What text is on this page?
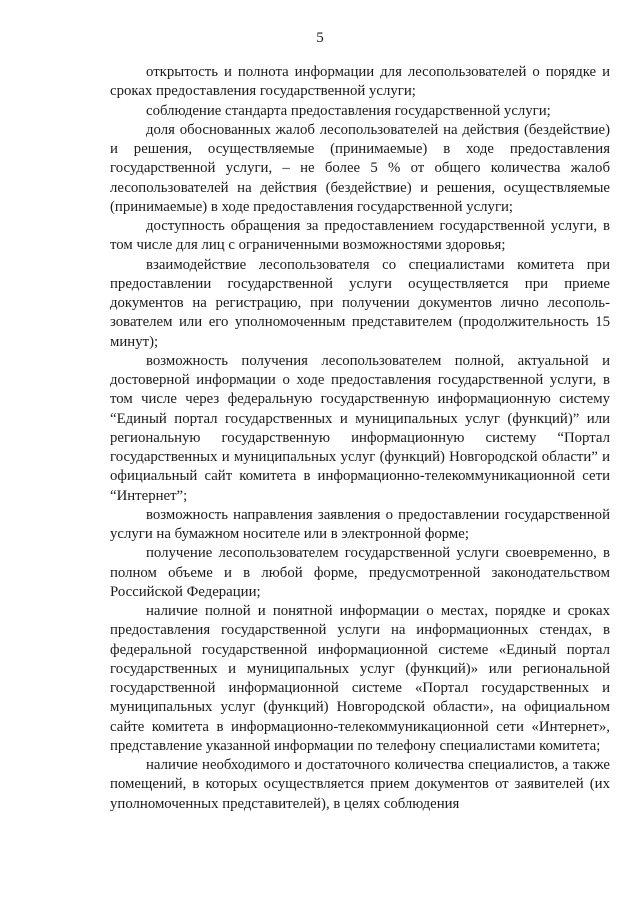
5

открытость и полнота информации для лесопользователей о порядке и сроках предоставления государственной услуги;

соблюдение стандарта предоставления государственной услуги;

доля обоснованных жалоб лесопользователей на действия (бездействие) и решения, осуществляемые (принимаемые) в ходе предоставления государственной услуги, – не более 5 % от общего количества жалоб лесопользователей на действия (бездействие) и решения, осуществляемые (принимаемые) в ходе предоставления государственной услуги;

доступность обращения за предоставлением государственной услуги, в том числе для лиц с ограниченными возможностями здоровья;

взаимодействие лесопользователя со специалистами комитета при предоставлении государственной услуги осуществляется при приеме документов на регистрацию, при получении документов лично лесопользователем или его уполномоченным представителем (продолжительность 15 минут);

возможность получения лесопользователем полной, актуальной и достоверной информации о ходе предоставления государственной услуги, в том числе через федеральную государственную информационную систему “Единый портал государственных и муниципальных услуг (функций)” или региональную государственную информационную систему “Портал государственных и муниципальных услуг (функций) Новгородской области” и официальный сайт комитета в информационно-телекоммуникационной сети “Интернет”;

возможность направления заявления о предоставлении государственной услуги на бумажном носителе или в электронной форме;

получение лесопользователем государственной услуги своевременно, в полном объеме и в любой форме, предусмотренной законодательством Российской Федерации;

наличие полной и понятной информации о местах, порядке и сроках предоставления государственной услуги на информационных стендах, в федеральной государственной информационной системе «Единый портал государственных и муниципальных услуг (функций)» или региональной государственной информационной системе «Портал государственных и муниципальных услуг (функций) Новгородской области», на официальном сайте комитета в информационно-телекоммуникационной сети «Интернет», представление указанной информации по телефону специалистами комитета;

наличие необходимого и достаточного количества специалистов, а также помещений, в которых осуществляется прием документов от заявителей (их уполномоченных представителей), в целях соблюдения
